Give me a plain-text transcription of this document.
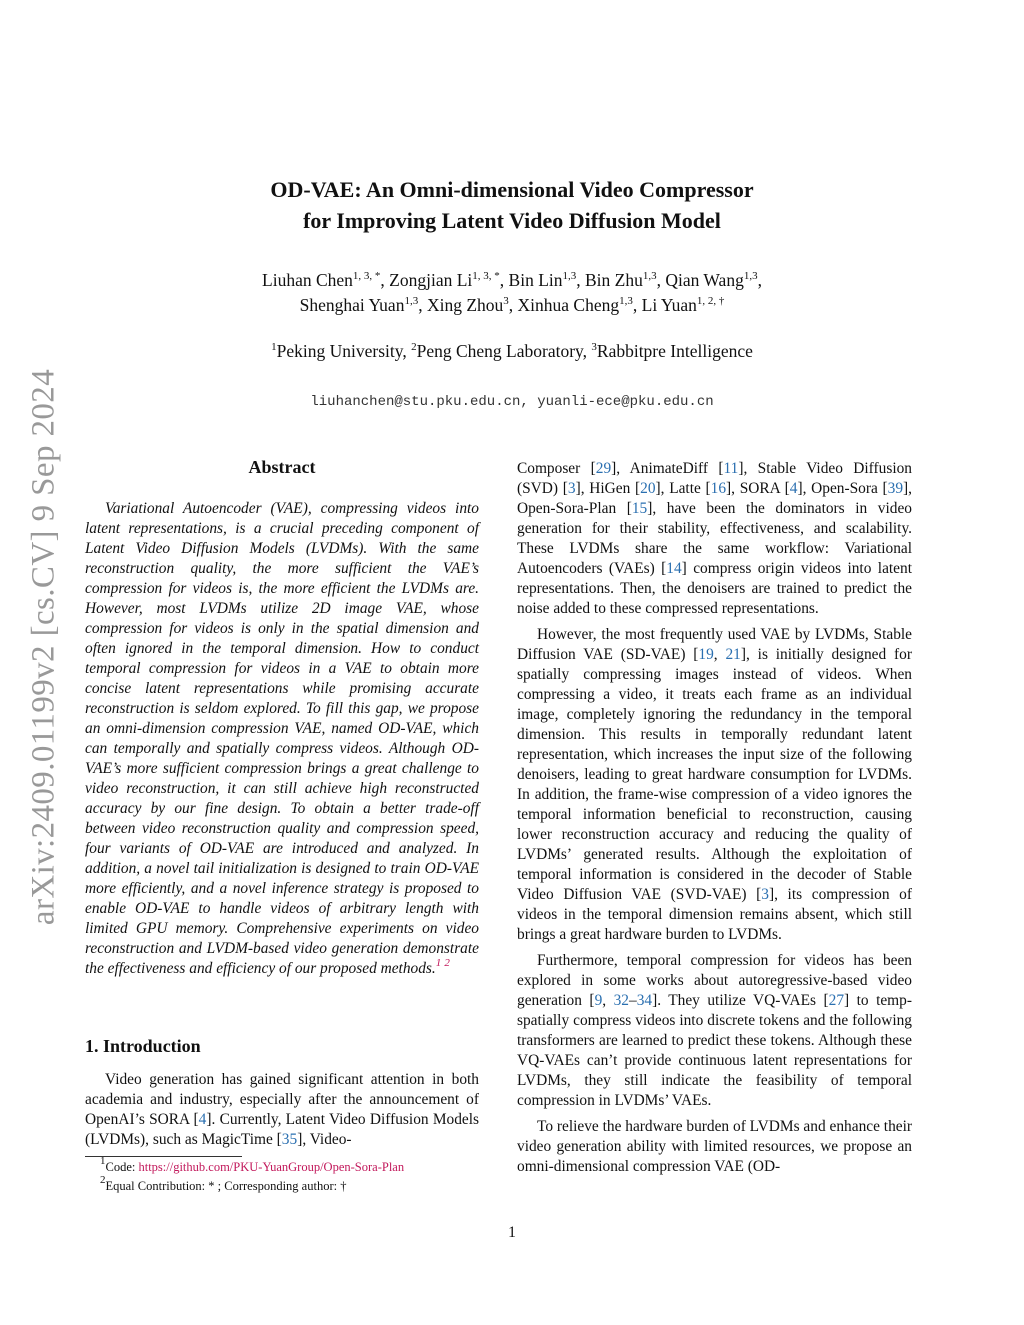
arXiv:2409.01199v2 [cs.CV] 9 Sep 2024
OD-VAE: An Omni-dimensional Video Compressor
for Improving Latent Video Diffusion Model
Liuhan Chen$^{1, 3, *}$, Zongjian $Li^{1, 3, *}$, Bin Lin$^{1,3}$, Bin Zhu$^{1,3}$, Qian Wang$^{1,3}$,
Shenghai Yuan$^{1,3}$, Xing Zhou$^3$, Xinhua Cheng$^{1,3}$, Li Yuan$^{1, 2, \dagger}$
$^1$Peking University, $^2$Peng Cheng Laboratory, $^3$Rabbitpre Intelligence
liuhanchen@stu.pku.edu.cn, yuanli-ece@pku.edu.cn
Abstract
Variational Autoencoder (VAE), compressing videos into latent representations, is a crucial preceding component of Latent Video Diffusion Models (LVDMs). With the same reconstruction quality, the more sufficient the VAE’s compression for videos is, the more efficient the LVDMs are. However, most LVDMs utilize 2D image VAE, whose compression for videos is only in the spatial dimension and often ignored in the temporal dimension. How to conduct temporal compression for videos in a VAE to obtain more concise latent representations while promising accurate reconstruction is seldom explored. To fill this gap, we propose an omni-dimension compression VAE, named OD-VAE, which can temporally and spatially compress videos. Although OD-VAE’s more sufficient compression brings a great challenge to video reconstruction, it can still achieve high reconstructed accuracy by our fine design. To obtain a better trade-off between video reconstruction quality and compression speed, four variants of OD-VAE are introduced and analyzed. In addition, a novel tail initialization is designed to train OD-VAE more efficiently, and a novel inference strategy is proposed to enable OD-VAE to handle videos of arbitrary length with limited GPU memory. Comprehensive experiments on video reconstruction and LVDM-based video generation demonstrate the effectiveness and efficiency of our proposed methods.$^1$  $^2$
1. Introduction
Video generation has gained significant attention in both academia and industry, especially after the announcement of OpenAI’s SORA [4]. Currently, Latent Video Diffusion Models (LVDMs), such as MagicTime [35], Video-

Composer [29], AnimateDiff [11], Stable Video Diffusion (SVD) [3], HiGen [20], Latte [16], SORA [4], Open-Sora [39], Open-Sora-Plan [15], have been the dominators in video generation for their stability, effectiveness, and scalability. These LVDMs share the same workflow: Variational Autoencoders (VAEs) [14] compress origin videos into latent representations. Then, the denoisers are trained to predict the noise added to these compressed representations.

However, the most frequently used VAE by LVDMs, Stable Diffusion VAE (SD-VAE) [19, 21], is initially designed for spatially compressing images instead of videos. When compressing a video, it treats each frame as an individual image, completely ignoring the redundancy in the temporal dimension. This results in temporally redundant latent representation, which increases the input size of the following denoisers, leading to great hardware consumption for LVDMs. In addition, the frame-wise compression of a video ignores the temporal information beneficial to reconstruction, causing lower reconstruction accuracy and reducing the quality of LVDMs’ generated results. Although the exploitation of temporal information is considered in the decoder of Stable Video Diffusion VAE (SVD-VAE) [3], its compression of videos in the temporal dimension remains absent, which still brings a great hardware burden to LVDMs.

Furthermore, temporal compression for videos has been explored in some works about autoregressive-based video generation [9, 32–34]. They utilize VQ-VAEs [27] to temp-spatially compress videos into discrete tokens and the following transformers are learned to predict these tokens. Although these VQ-VAEs can’t provide continuous latent representations for LVDMs, they still indicate the feasibility of temporal compression in LVDMs’ VAEs.

To relieve the hardware burden of LVDMs and enhance their video generation ability with limited resources, we propose an omni-dimensional compression VAE (OD-

$^1$Code: https://github.com/PKU-YuanGroup/Open-Sora-Plan
$^2$Equal Contribution: * ; Corresponding author: †
1
